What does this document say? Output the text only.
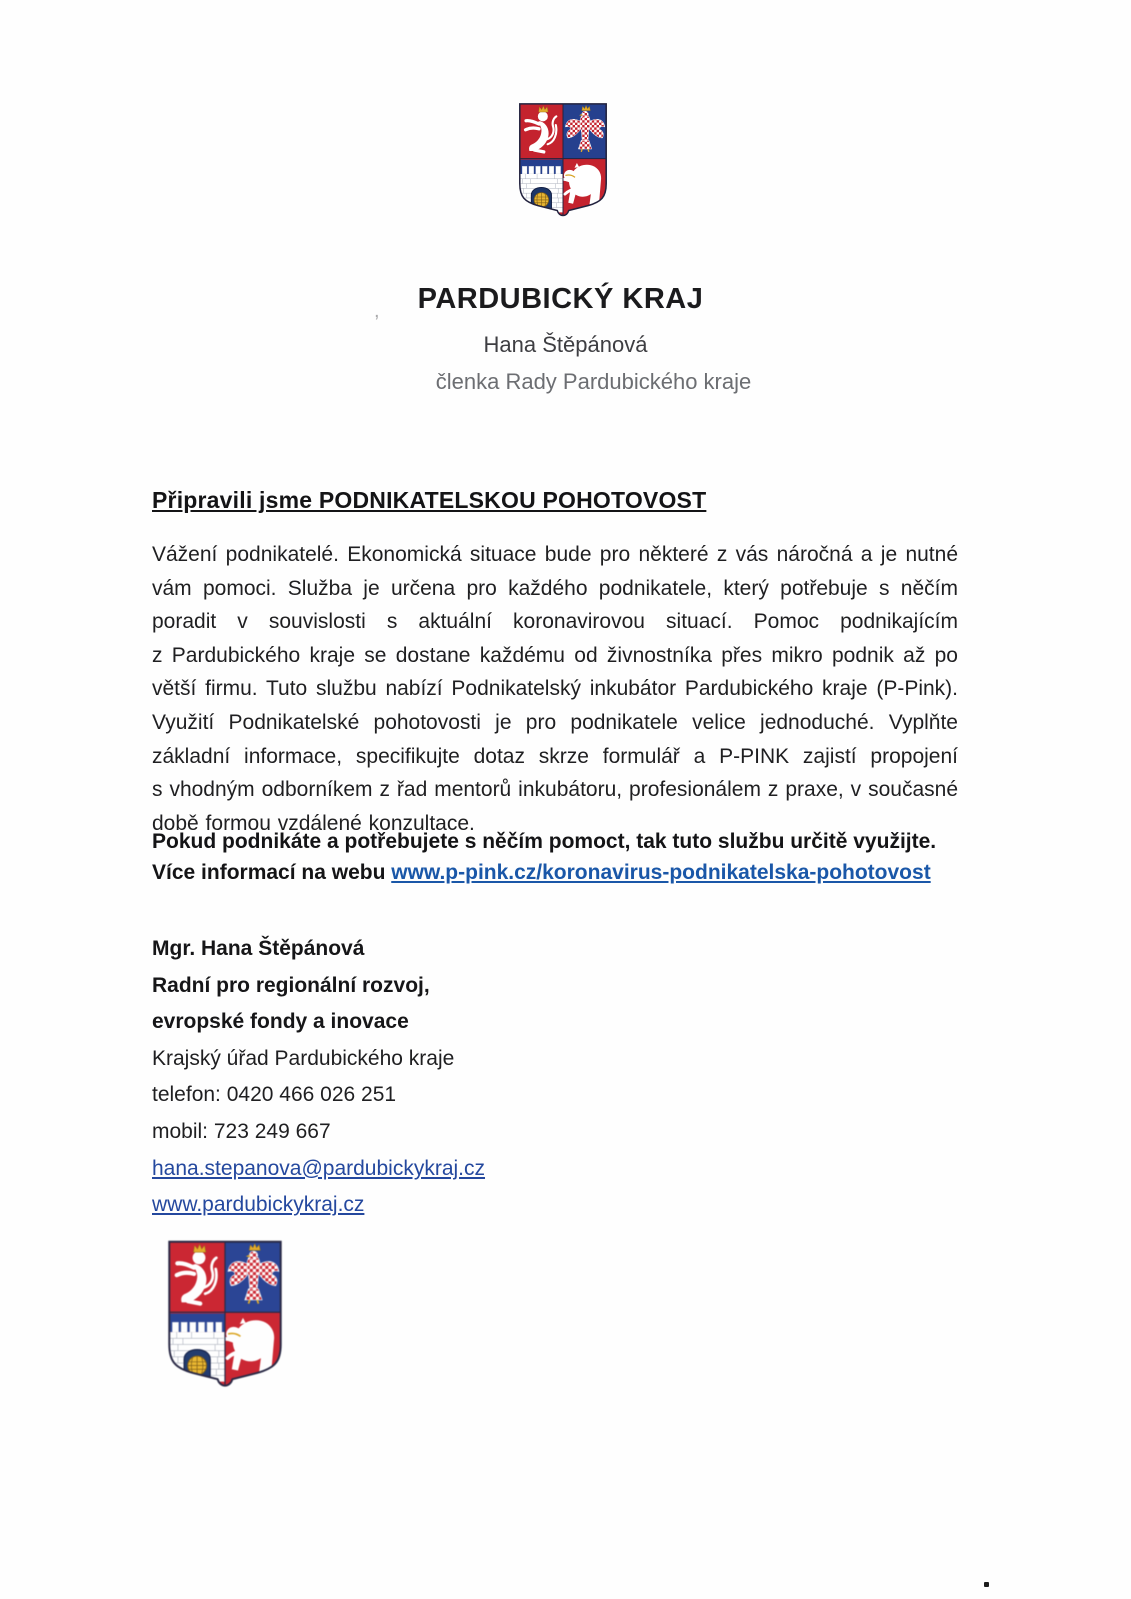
,	PARDUBICKÝ KRAJ
Hana Štěpánová
členka Rady Pardubického kraje
Připravili jsme PODNIKATELSKOU POHOTOVOST

Vážení podnikatelé. Ekonomická situace bude pro některé z vás náročná a je nutné vám pomoci. Služba je určena pro každého podnikatele, který potřebuje s něčím poradit v souvislosti s aktuální koronavirovou situací. Pomoc podnikajícím z Pardubického kraje se dostane každému od živnostníka přes mikro podnik až po větší firmu. Tuto službu nabízí Podnikatelský inkubátor Pardubického kraje (P-Pink). Využití Podnikatelské pohotovosti je pro podnikatele velice jednoduché. Vyplňte základní informace, specifikujte dotaz skrze formulář a P-PINK zajistí propojení s vhodným odborníkem z řad mentorů inkubátoru, profesionálem z praxe, v současné době formou vzdálené konzultace.

Pokud podnikáte a potřebujete s něčím pomoct, tak tuto službu určitě využijte.
Více informací na webu www.p-pink.cz/koronavirus-podnikatelska-pohotovost
Mgr. Hana Štěpánová
Radní pro regionální rozvoj,
evropské fondy a inovace
Krajský úřad Pardubického kraje
telefon: 0420 466 026 251
mobil: 723 249 667
hana.stepanova@pardubickykraj.cz
www.pardubickykraj.cz
